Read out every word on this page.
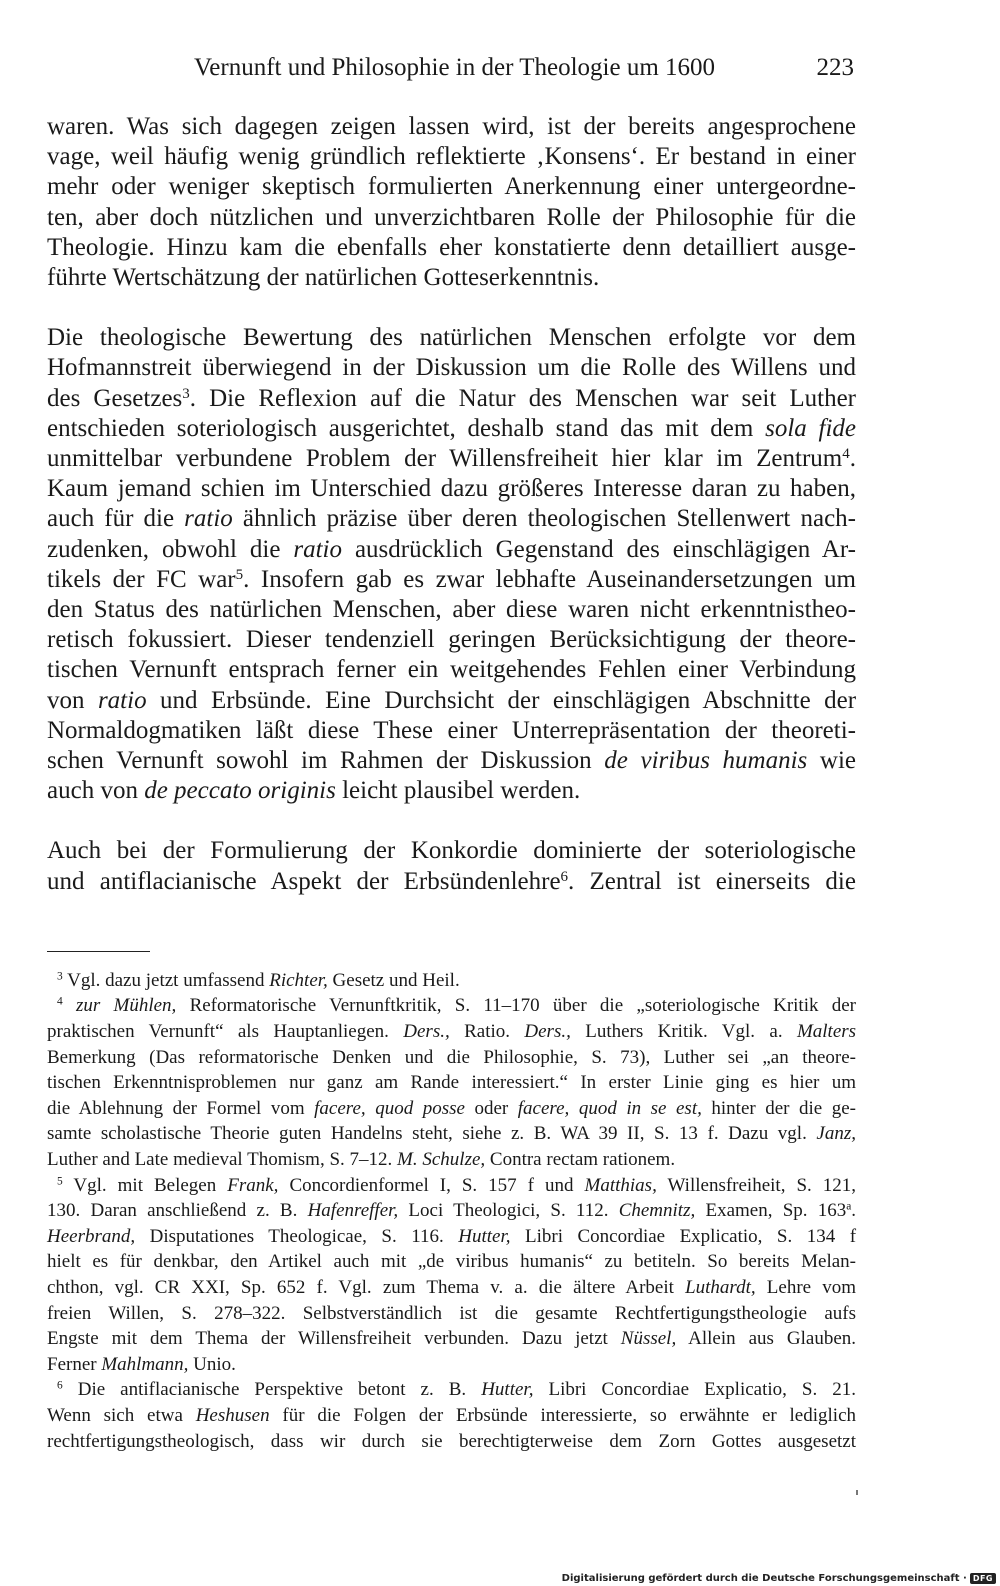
Vernunft und Philosophie in der Theologie um 1600	223
waren. Was sich dagegen zeigen lassen wird, ist der bereits angesprochene
vage, weil häufig wenig gründlich reflektierte ‚Konsens‘. Er bestand in einer
mehr oder weniger skeptisch formulierten Anerkennung einer untergeordne-
ten, aber doch nützlichen und unverzichtbaren Rolle der Philosophie für die
Theologie. Hinzu kam die ebenfalls eher konstatierte denn detailliert ausge-
führte Wertschätzung der natürlichen Gotteserkenntnis.
Die theologische Bewertung des natürlichen Menschen erfolgte vor dem
Hofmannstreit überwiegend in der Diskussion um die Rolle des Willens und
des Gesetzes$^3$. Die Reflexion auf die Natur des Menschen war seit Luther
entschieden soteriologisch ausgerichtet, deshalb stand das mit dem sola fide
unmittelbar verbundene Problem der Willensfreiheit hier klar im Zentrum$^4$.
Kaum jemand schien im Unterschied dazu größeres Interesse daran zu haben,
auch für die ratio ähnlich präzise über deren theologischen Stellenwert nach-
zudenken, obwohl die ratio ausdrücklich Gegenstand des einschlägigen Ar-
tikels der FC war$^5$. Insofern gab es zwar lebhafte Auseinandersetzungen um
den Status des natürlichen Menschen, aber diese waren nicht erkenntnistheo-
retisch fokussiert. Dieser tendenziell geringen Berücksichtigung der theore-
tischen Vernunft entsprach ferner ein weitgehendes Fehlen einer Verbindung
von ratio und Erbsünde. Eine Durchsicht der einschlägigen Abschnitte der
Normaldogmatiken läßt diese These einer Unterrepräsentation der theoreti-
schen Vernunft sowohl im Rahmen der Diskussion de viribus humanis wie
auch von de peccato originis leicht plausibel werden.
Auch bei der Formulierung der Konkordie dominierte der soteriologische
und antiflacianische Aspekt der Erbsündenlehre$^6$. Zentral ist einerseits die
$^3$ Vgl. dazu jetzt umfassend Richter, Gesetz und Heil.
$^4$ zur Mühlen, Reformatorische Vernunftkritik, S. 11–170 über die „soteriologische Kritik der
praktischen Vernunft“ als Hauptanliegen. Ders., Ratio. Ders., Luthers Kritik. Vgl. a. Malters
Bemerkung (Das reformatorische Denken und die Philosophie, S. 73), Luther sei „an theore-
tischen Erkenntnisproblemen nur ganz am Rande interessiert.“ In erster Linie ging es hier um
die Ablehnung der Formel vom facere, quod posse oder facere, quod in se est, hinter der die ge-
samte scholastische Theorie guten Handelns steht, siehe z. B. WA 39 II, S. 13 f. Dazu vgl. Janz,
Luther and Late medieval Thomism, S. 7–12. M. Schulze, Contra rectam rationem.
$^5$ Vgl. mit Belegen Frank, Concordienformel I, S. 157 f und Matthias, Willensfreiheit, S. 121,
130. Daran anschließend z. B. Hafenreffer, Loci Theologici, S. 112. Chemnitz, Examen, Sp. 163$^a$.
Heerbrand, Disputationes Theologicae, S. 116. Hutter, Libri Concordiae Explicatio, S. 134 f
hielt es für denkbar, den Artikel auch mit „de viribus humanis“ zu betiteln. So bereits Melan-
chthon, vgl. CR XXI, Sp. 652 f. Vgl. zum Thema v. a. die ältere Arbeit Luthardt, Lehre vom
freien Willen, S. 278–322. Selbstverständlich ist die gesamte Rechtfertigungstheologie aufs
Engste mit dem Thema der Willensfreiheit verbunden. Dazu jetzt Nüssel, Allein aus Glauben.
Ferner Mahlmann, Unio.
$^6$ Die antiflacianische Perspektive betont z. B. Hutter, Libri Concordiae Explicatio, S. 21.
Wenn sich etwa Heshusen für die Folgen der Erbsünde interessierte, so erwähnte er lediglich
rechtfertigungstheologisch, dass wir durch sie berechtigterweise dem Zorn Gottes ausgesetzt
Digitalisierung gefördert durch die Deutsche Forschungsgemeinschaft · DFG
